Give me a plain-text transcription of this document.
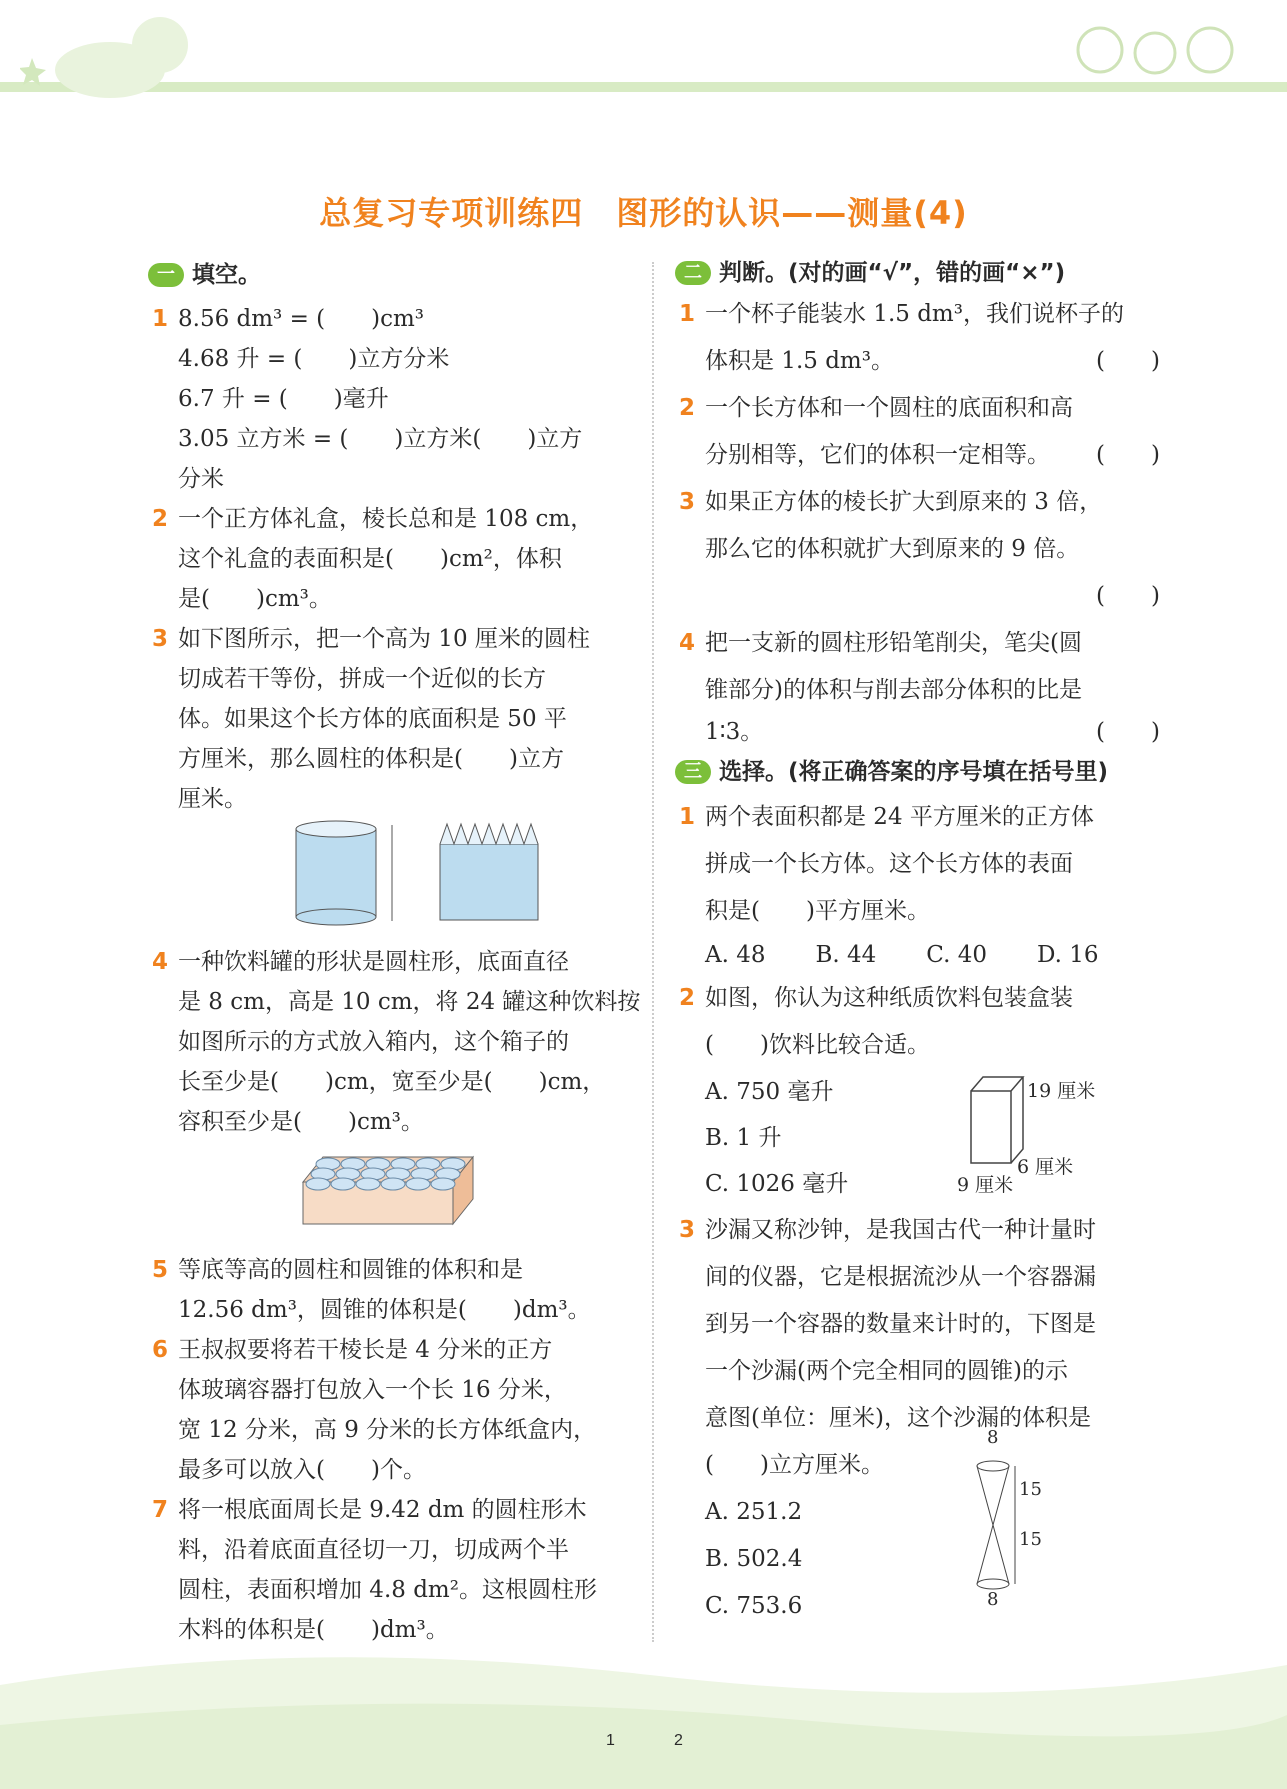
总复习专项训练四　图形的认识——测量(4)
一 填空。
1 8.56 dm³ = (　　)cm³
4.68 升 = (　　)立方分米
6.7 升 = (　　)毫升
3.05 立方米 = (　　)立方米(　　)立方
分米
2 一个正方体礼盒，棱长总和是 108 cm，
这个礼盒的表面积是(　　)cm²，体积
是(　　)cm³。
3 如下图所示，把一个高为 10 厘米的圆柱
切成若干等份，拼成一个近似的长方
体。如果这个长方体的底面积是 50 平
方厘米，那么圆柱的体积是(　　)立方
厘米。
4 一种饮料罐的形状是圆柱形，底面直径
是 8 cm，高是 10 cm，将 24 罐这种饮料按
如图所示的方式放入箱内，这个箱子的
长至少是(　　)cm，宽至少是(　　)cm，
容积至少是(　　)cm³。
5 等底等高的圆柱和圆锥的体积和是
12.56 dm³，圆锥的体积是(　　)dm³。
6 王叔叔要将若干棱长是 4 分米的正方
体玻璃容器打包放入一个长 16 分米，
宽 12 分米，高 9 分米的长方体纸盒内，
最多可以放入(　　)个。
7 将一根底面周长是 9.42 dm 的圆柱形木
料，沿着底面直径切一刀，切成两个半
圆柱，表面积增加 4.8 dm²。这根圆柱形
木料的体积是(　　)dm³。
二 判断。(对的画“√”，错的画“×”)
1 一个杯子能装水 1.5 dm³，我们说杯子的
体积是 1.5 dm³。	(　　)
2 一个长方体和一个圆柱的底面积和高
分别相等，它们的体积一定相等。 (　　)
3 如果正方体的棱长扩大到原来的 3 倍，
那么它的体积就扩大到原来的 9 倍。
(　　)
4 把一支新的圆柱形铅笔削尖，笔尖(圆
锥部分)的体积与削去部分体积的比是
1∶3。	(　　)
三 选择。(将正确答案的序号填在括号里)
1 两个表面积都是 24 平方厘米的正方体
拼成一个长方体。这个长方体的表面
积是(　　)平方厘米。
A. 48 B. 44 C. 40 D. 16
2 如图，你认为这种纸质饮料包装盒装
(　　)饮料比较合适。
A. 750 毫升
B. 1 升
C. 1026 毫升
19 厘米
6 厘米
9 厘米
3 沙漏又称沙钟，是我国古代一种计量时
间的仪器，它是根据流沙从一个容器漏
到另一个容器的数量来计时的，下图是
一个沙漏(两个完全相同的圆锥)的示
意图(单位：厘米)，这个沙漏的体积是
(　　)立方厘米。
A. 251.2
B. 502.4
C. 753.6
8
15
15
8
1	2
